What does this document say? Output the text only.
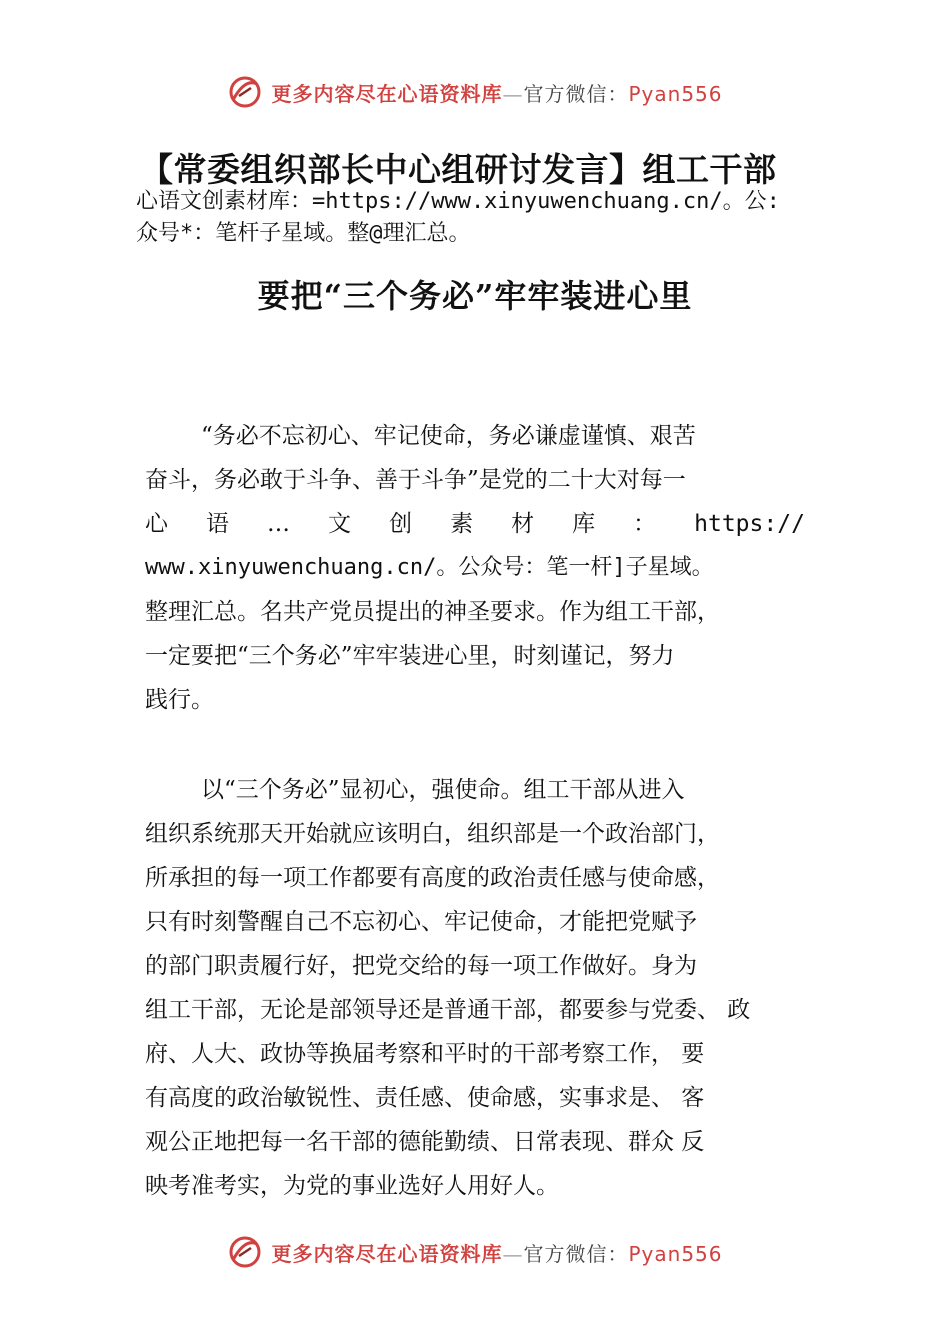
更多内容尽在心语资料库—官方微信：Pyan556
【常委组织部长中心组研讨发言】组工干部
心语文创素材库：=https://www.xinyuwenchuang.cn/。公:
众号*：笔杆子星域。整@理汇总。
要把“三个务必”牢牢装进心里
“务必不忘初心、牢记使命，务必谦虚谨慎、艰苦
奋斗，务必敢于斗争、善于斗争”是党的二十大对每一
心 语 … 文 创 素 材 库 ： https://
www.xinyuwenchuang.cn/。公众号：笔一杆]子星域。
整理汇总。名共产党员提出的神圣要求。作为组工干部，
一定要把“三个务必”牢牢装进心里，时刻谨记，努力
践行。
以“三个务必”显初心，强使命。组工干部从进入
组织系统那天开始就应该明白，组织部是一个政治部门，
所承担的每一项工作都要有高度的政治责任感与使命感，
只有时刻警醒自己不忘初心、牢记使命，才能把党赋予
的部门职责履行好，把党交给的每一项工作做好。身为
组工干部，无论是部领导还是普通干部，都要参与党委、 政
府、人大、政协等换届考察和平时的干部考察工作， 要
有高度的政治敏锐性、责任感、使命感，实事求是、 客
观公正地把每一名干部的德能勤绩、日常表现、群众 反
映考准考实，为党的事业选好人用好人。
更多内容尽在心语资料库—官方微信：Pyan556
